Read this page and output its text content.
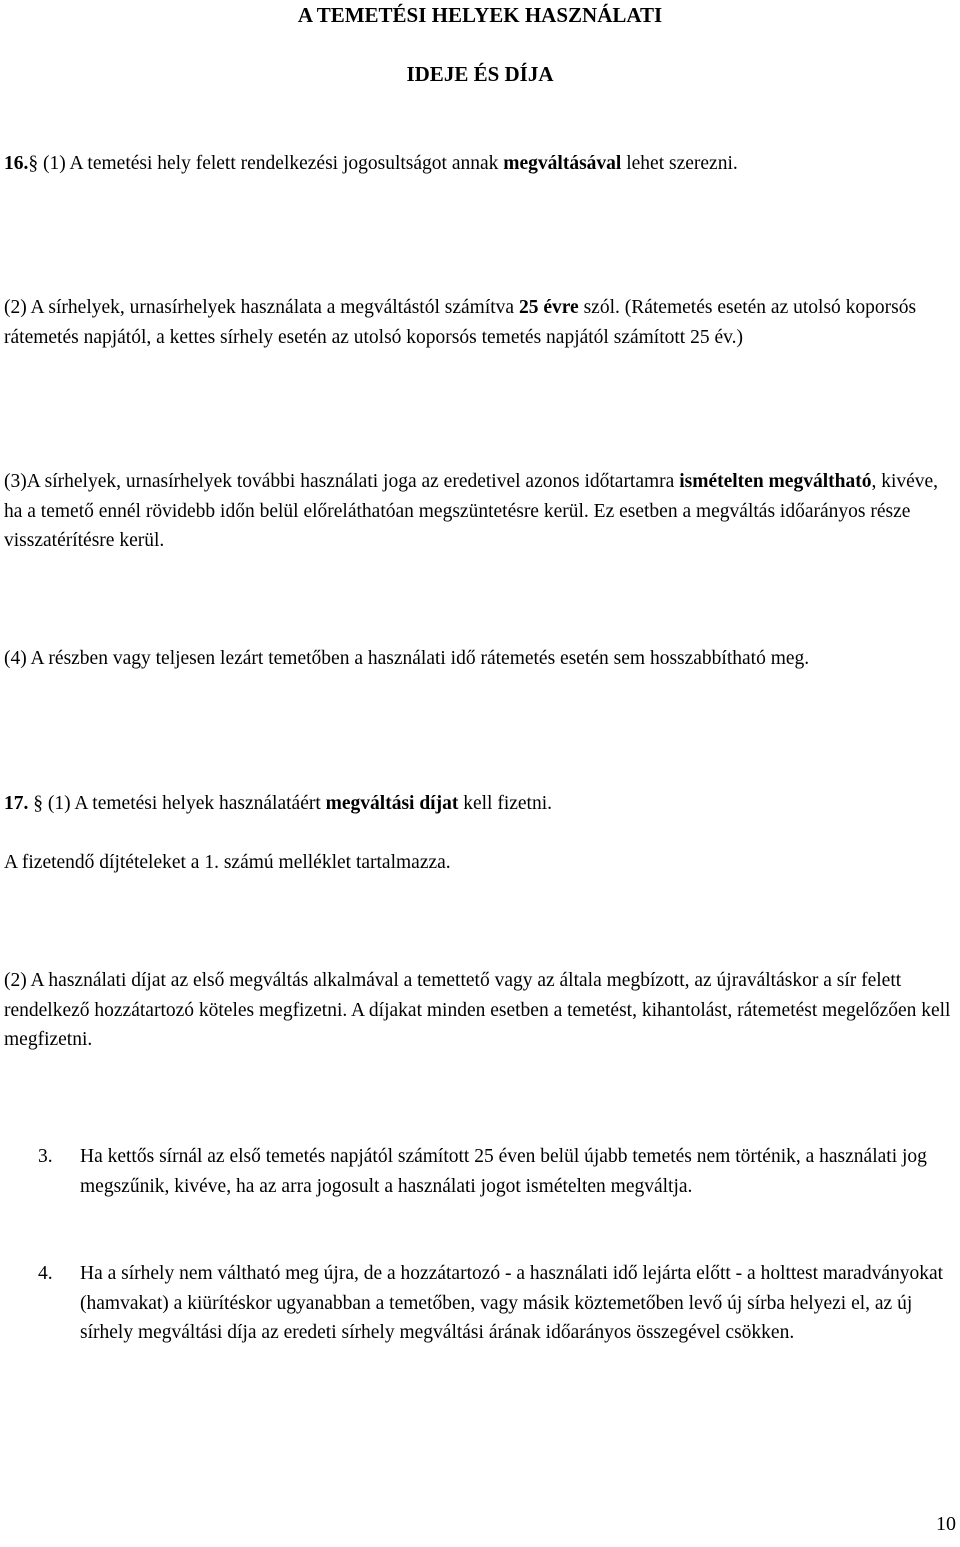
A TEMETÉSI HELYEK HASZNÁLATI
IDEJE ÉS DÍJA

16.§ (1) A temetési hely felett rendelkezési jogosultságot annak megváltásával lehet szerezni.

(2) A sírhelyek, urnasírhelyek használata a megváltástól számítva 25 évre szól. (Rátemetés esetén az utolsó koporsós rátemetés napjától, a kettes sírhely esetén az utolsó koporsós temetés napjától számított 25 év.)

(3)A sírhelyek, urnasírhelyek további használati joga az eredetivel azonos időtartamra ismételten megváltható, kivéve, ha a temető ennél rövidebb időn belül előreláthatóan megszüntetésre kerül. Ez esetben a megváltás időarányos része visszatérítésre kerül.

(4) A részben vagy teljesen lezárt temetőben a használati idő rátemetés esetén sem hosszabbítható meg.

17. § (1) A temetési helyek használatáért megváltási díjat kell fizetni.

A fizetendő díjtételeket a 1. számú melléklet tartalmazza.

(2) A használati díjat az első megváltás alkalmával a temettető vagy az általa megbízott, az újraváltáskor a sír felett rendelkező hozzátartozó köteles megfizetni. A díjakat minden esetben a temetést, kihantolást, rátemetést megelőzően kell megfizetni.

3. Ha kettős sírnál az első temetés napjától számított 25 éven belül újabb temetés nem történik, a használati jog megszűnik, kivéve, ha az arra jogosult a használati jogot ismételten megváltja.

4. Ha a sírhely nem váltható meg újra, de a hozzátartozó - a használati idő lejárta előtt - a holttest maradványokat (hamvakat) a kiürítéskor ugyanabban a temetőben, vagy másik köztemetőben levő új sírba helyezi el, az új sírhely megváltási díja az eredeti sírhely megváltási árának időarányos összegével csökken.

10
